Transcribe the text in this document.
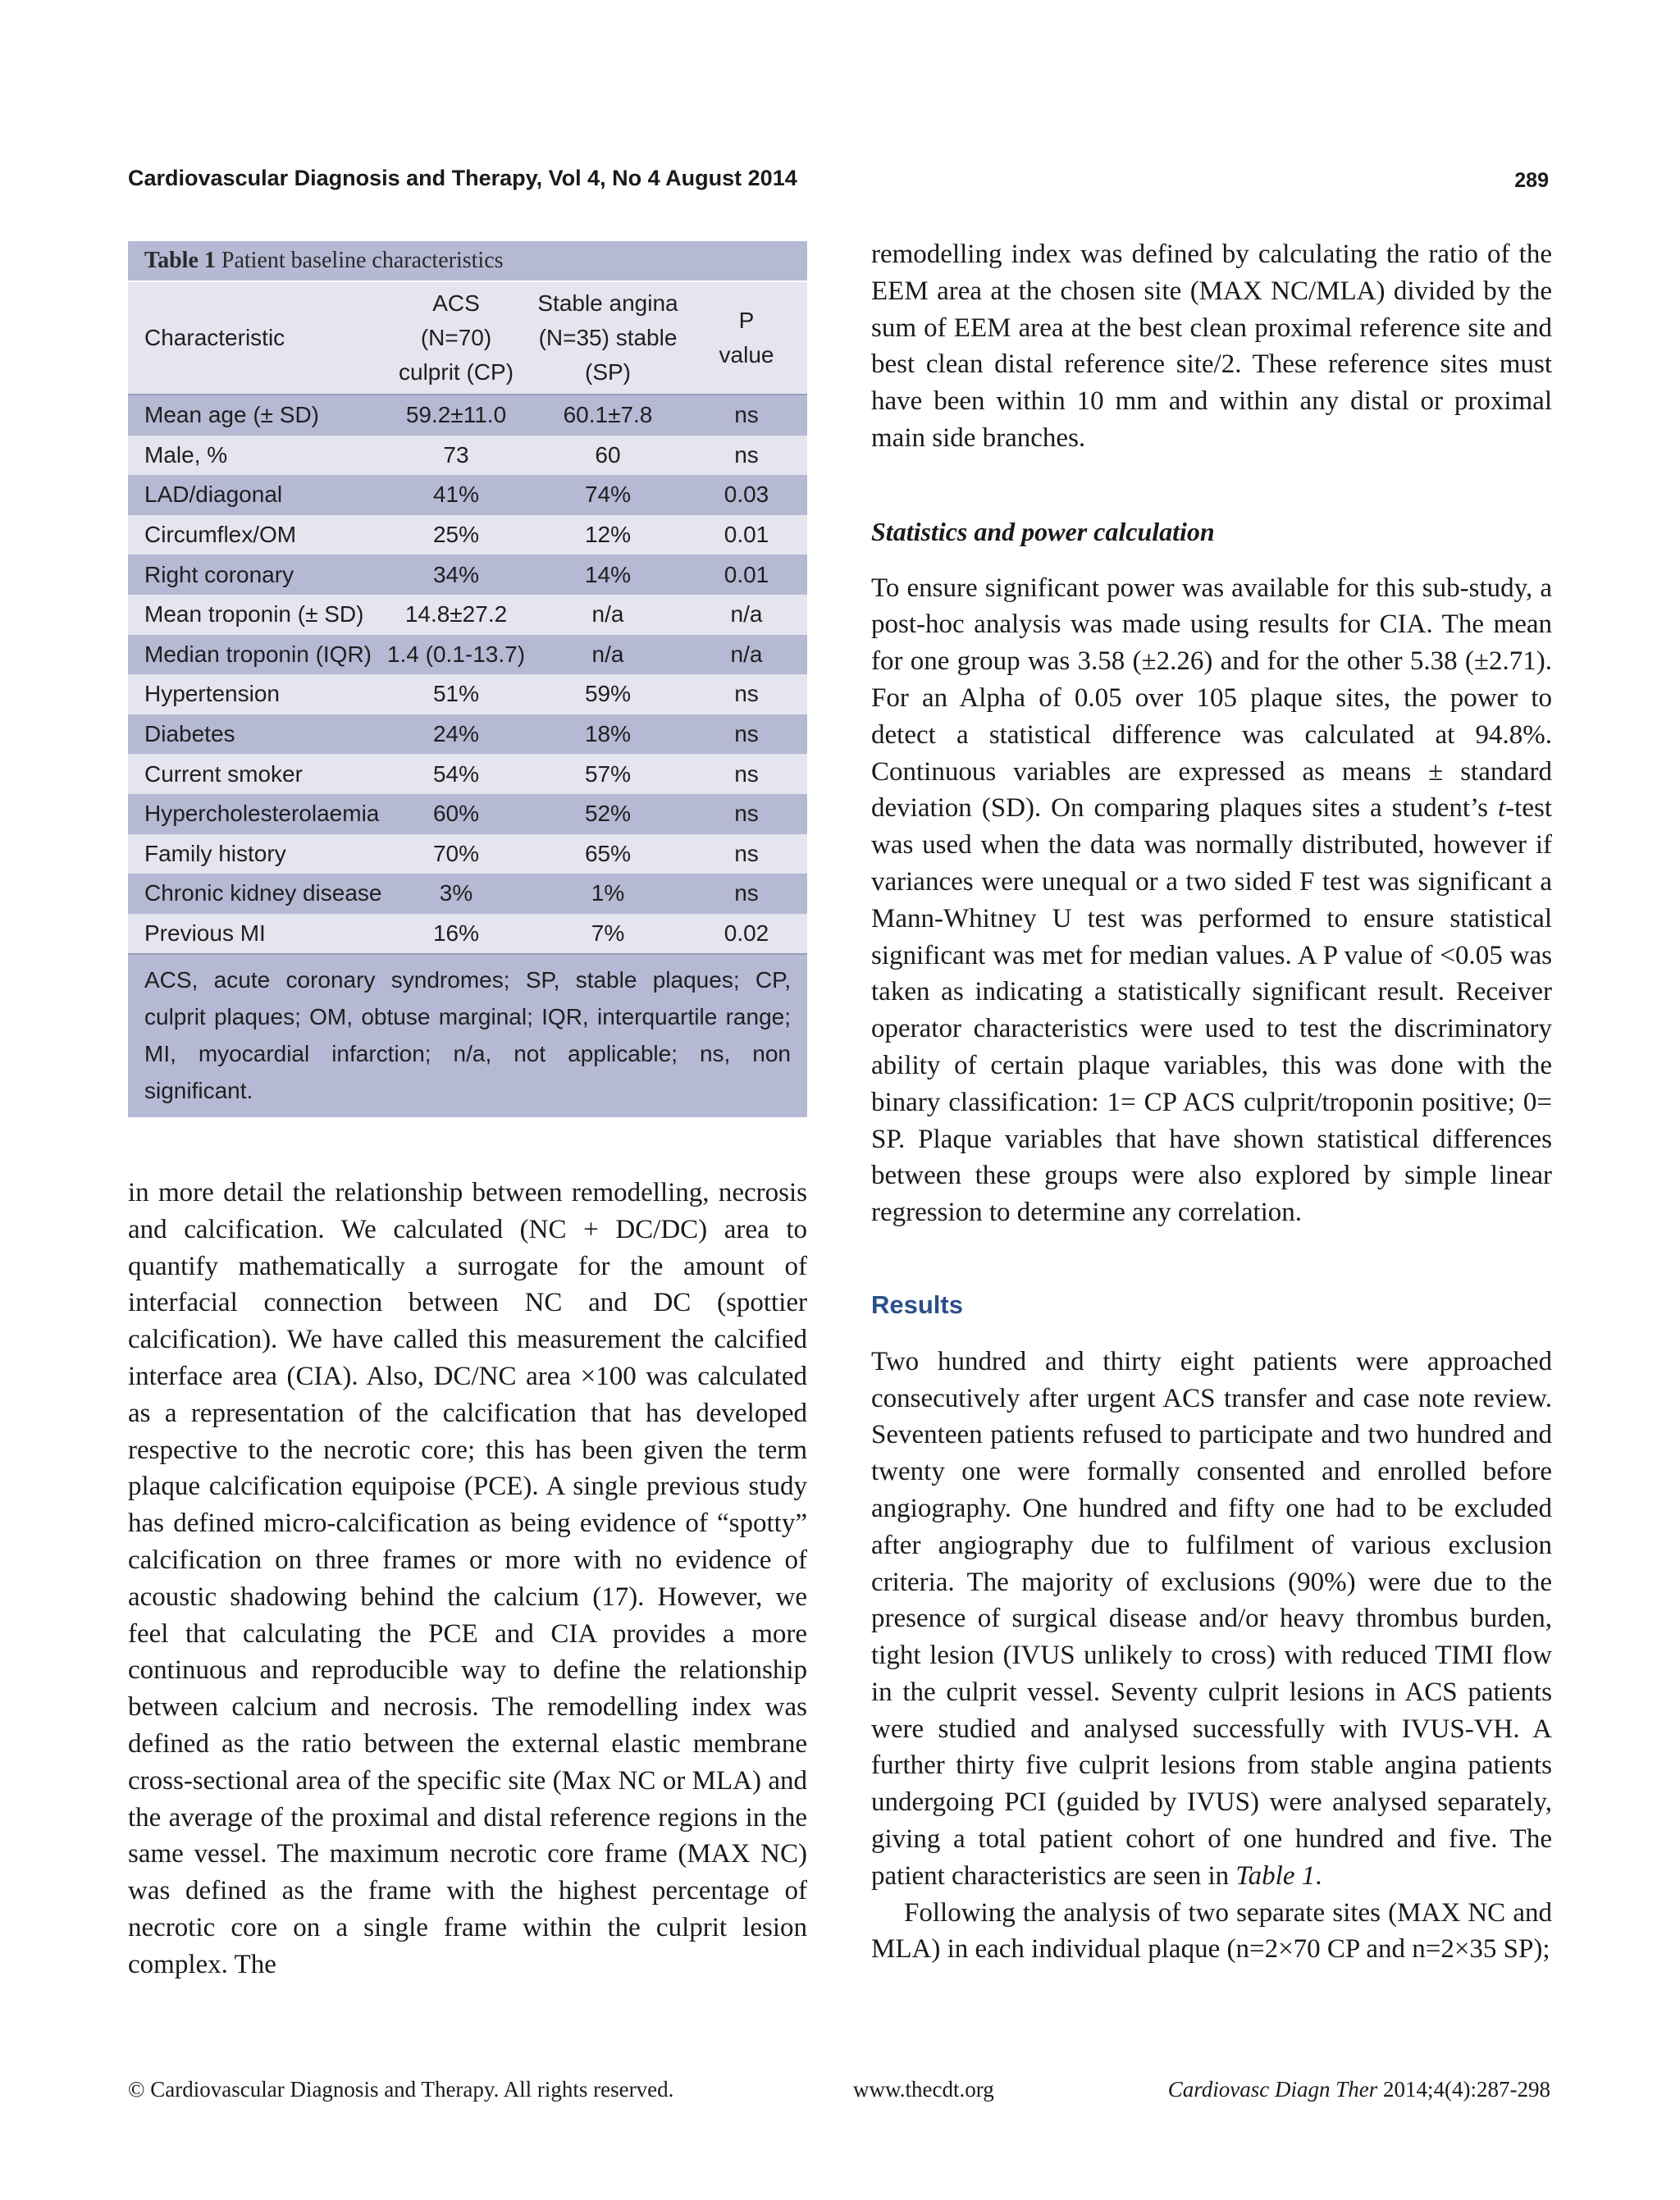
Cardiovascular Diagnosis and Therapy, Vol 4, No 4 August 2014	289
Table 1 Patient baseline characteristics
Characteristic	ACS (N=70) culprit (CP)	Stable angina (N=35) stable (SP)	P value

Mean age (± SD)	59.2±11.0	60.1±7.8	ns
Male, %	73	60	ns
LAD/diagonal	41%	74%	0.03
Circumflex/OM	25%	12%	0.01
Right coronary	34%	14%	0.01
Mean troponin (± SD)	14.8±27.2	n/a	n/a
Median troponin (IQR)	1.4 (0.1-13.7)	n/a	n/a
Hypertension	51%	59%	ns
Diabetes	24%	18%	ns
Current smoker	54%	57%	ns
Hypercholesterolaemia	60%	52%	ns
Family history	70%	65%	ns
Chronic kidney disease	3%	1%	ns
Previous MI	16%	7%	0.02
ACS, acute coronary syndromes; SP, stable plaques; CP, culprit plaques; OM, obtuse marginal; IQR, interquartile range; MI, myocardial infarction; n/a, not applicable; ns, non significant.

in more detail the relationship between remodelling, necrosis and calcification. We calculated (NC + DC/DC) area to quantify mathematically a surrogate for the amount of interfacial connection between NC and DC (spottier calcification). We have called this measurement the calcified interface area (CIA). Also, DC/NC area ×100 was calculated as a representation of the calcification that has developed respective to the necrotic core; this has been given the term plaque calcification equipoise (PCE). A single previous study has defined micro-calcification as being evidence of “spotty” calcification on three frames or more with no evidence of acoustic shadowing behind the calcium (17). However, we feel that calculating the PCE and CIA provides a more continuous and reproducible way to define the relationship between calcium and necrosis. The remodelling index was defined as the ratio between the external elastic membrane cross-sectional area of the specific site (Max NC or MLA) and the average of the proximal and distal reference regions in the same vessel. The maximum necrotic core frame (MAX NC) was defined as the frame with the highest percentage of necrotic core on a single frame within the culprit lesion complex. The

remodelling index was defined by calculating the ratio of the EEM area at the chosen site (MAX NC/MLA) divided by the sum of EEM area at the best clean proximal reference site and best clean distal reference site/2. These reference sites must have been within 10 mm and within any distal or proximal main side branches.

Statistics and power calculation

To ensure significant power was available for this sub-study, a post-hoc analysis was made using results for CIA. The mean for one group was 3.58 (±2.26) and for the other 5.38 (±2.71). For an Alpha of 0.05 over 105 plaque sites, the power to detect a statistical difference was calculated at 94.8%. Continuous variables are expressed as means ± standard deviation (SD). On comparing plaques sites a student’s t-test was used when the data was normally distributed, however if variances were unequal or a two sided F test was significant a Mann-Whitney U test was performed to ensure statistical significant was met for median values. A P value of <0.05 was taken as indicating a statistically significant result. Receiver operator characteristics were used to test the discriminatory ability of certain plaque variables, this was done with the binary classification: 1= CP ACS culprit/troponin positive; 0= SP. Plaque variables that have shown statistical differences between these groups were also explored by simple linear regression to determine any correlation.

Results

Two hundred and thirty eight patients were approached consecutively after urgent ACS transfer and case note review. Seventeen patients refused to participate and two hundred and twenty one were formally consented and enrolled before angiography. One hundred and fifty one had to be excluded after angiography due to fulfilment of various exclusion criteria. The majority of exclusions (90%) were due to the presence of surgical disease and/or heavy thrombus burden, tight lesion (IVUS unlikely to cross) with reduced TIMI flow in the culprit vessel. Seventy culprit lesions in ACS patients were studied and analysed successfully with IVUS-VH. A further thirty five culprit lesions from stable angina patients undergoing PCI (guided by IVUS) were analysed separately, giving a total patient cohort of one hundred and five. The patient characteristics are seen in Table 1.

Following the analysis of two separate sites (MAX NC and MLA) in each individual plaque (n=2×70 CP and n=2×35 SP);

© Cardiovascular Diagnosis and Therapy. All rights reserved.	www.thecdt.org	Cardiovasc Diagn Ther 2014;4(4):287-298
